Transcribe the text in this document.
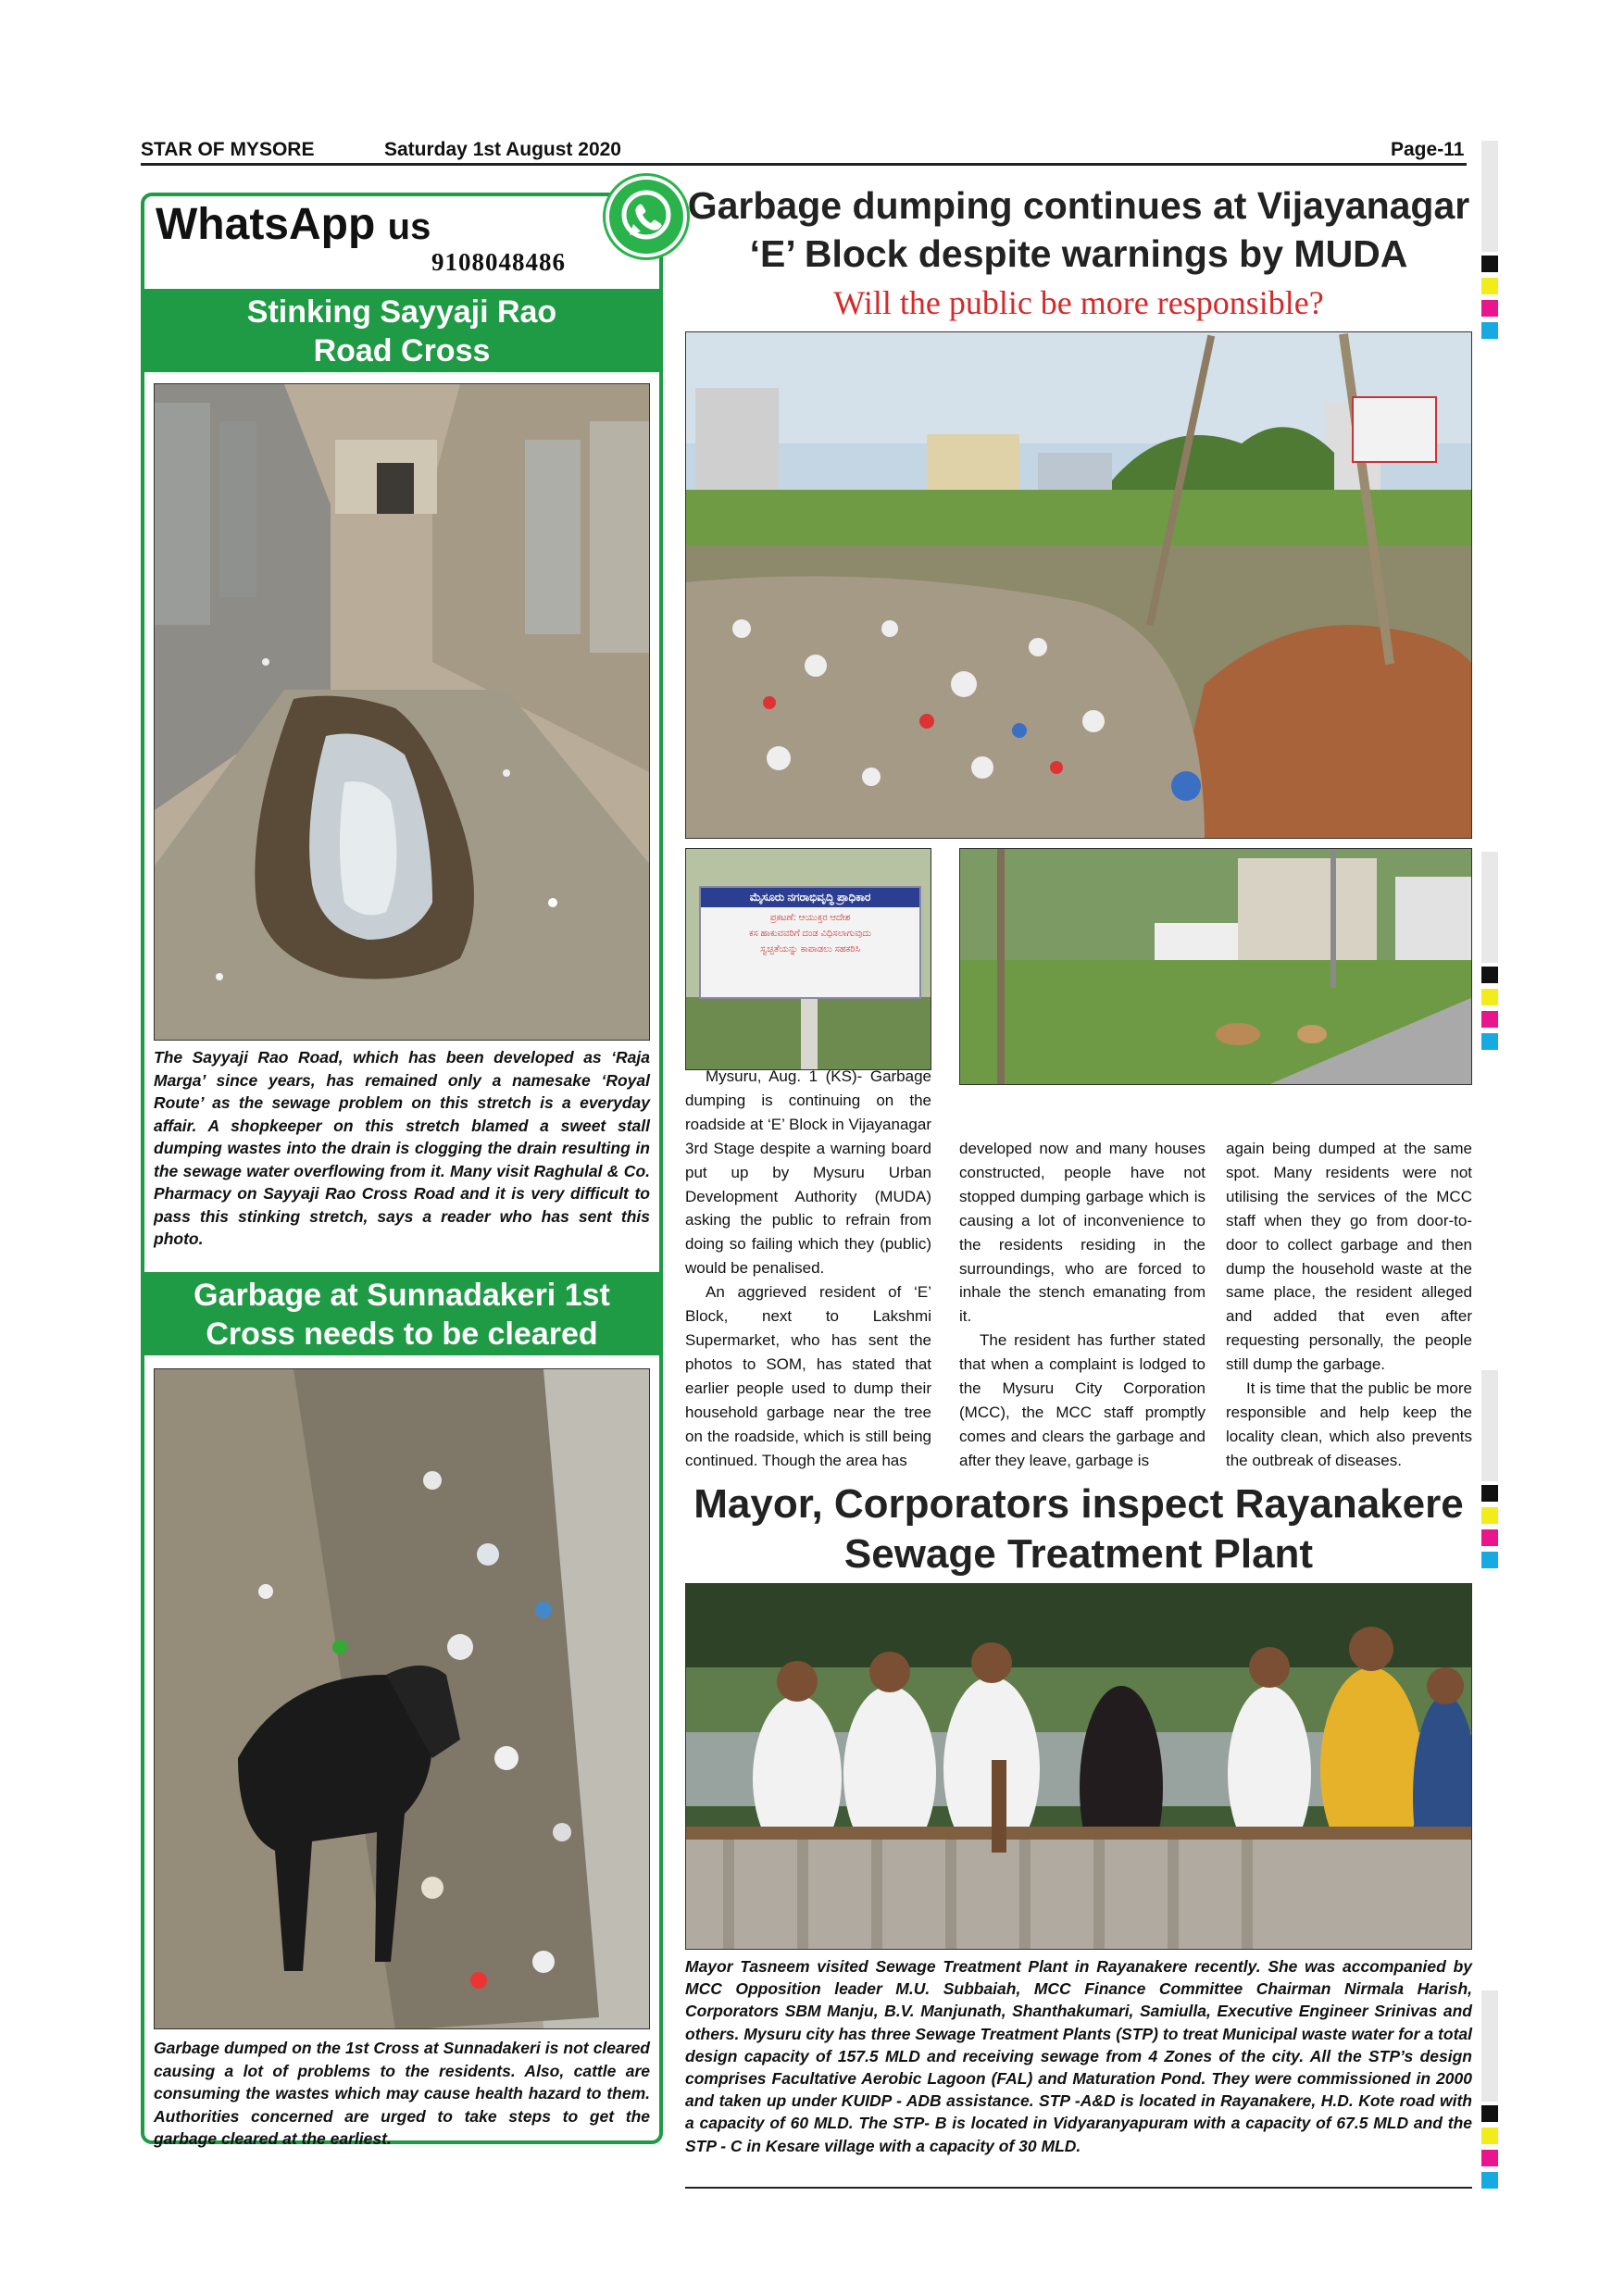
STAR OF MYSORE	Saturday 1st August 2020	Page-11
WhatsApp us
9108048486
Stinking Sayyaji Rao
Road Cross
The Sayyaji Rao Road, which has been developed as ‘Raja Marga’ since years, has remained only a namesake ‘Royal Route’ as the sewage problem on this stretch is a everyday affair. A shopkeeper on this stretch blamed a sweet stall dumping wastes into the drain is clogging the drain resulting in the sewage water overflowing from it. Many visit Raghulal & Co. Pharmacy on Sayyaji Rao Cross Road and it is very difficult to pass this stinking stretch, says a reader who has sent this photo.
Garbage at Sunnadakeri 1st
Cross needs to be cleared
Garbage dumped on the 1st Cross at Sunnadakeri is not cleared causing a lot of problems to the residents. Also, cattle are consuming the wastes which may cause health hazard to them. Authorities concerned are urged to take steps to get the garbage cleared at the earliest.
Garbage dumping continues at Vijayanagar
‘E’ Block despite warnings by MUDA
Will the public be more responsible?
ಮೈಸೂರು ನಗರಾಭಿವೃದ್ಧಿ ಪ್ರಾಧಿಕಾರ
ಪ್ರಕಟಣೆ: ಆಯುಕ್ತರ ಆದೇಶ
ಕಸ ಹಾಕುವವರಿಗೆ ದಂಡ ವಿಧಿಸಲಾಗುವುದು
ಸ್ವಚ್ಛತೆಯನ್ನು ಕಾಪಾಡಲು ಸಹಕರಿಸಿ

Mysuru, Aug. 1 (KS)- Garbage dumping is continuing on the roadside at ‘E’ Block in Vijayanagar 3rd Stage despite a warning board put up by Mysuru Urban Development Authority (MUDA) asking the public to refrain from doing so failing which they (public) would be penalised.

An aggrieved resident of ‘E’ Block, next to Lakshmi Supermarket, who has sent the photos to SOM, has stated that earlier people used to dump their household garbage near the tree on the roadside, which is still being continued. Though the area has

developed now and many houses constructed, people have not stopped dumping garbage which is causing a lot of inconvenience to the residents residing in the surroundings, who are forced to inhale the stench emanating from it.

The resident has further stated that when a complaint is lodged to the Mysuru City Corporation (MCC), the MCC staff promptly comes and clears the garbage and after they leave, garbage is

again being dumped at the same spot. Many residents were not utilising the services of the MCC staff when they go from door-to-door to collect garbage and then dump the household waste at the same place, the resident alleged and added that even after requesting personally, the people still dump the garbage.

It is time that the public be more responsible and help keep the locality clean, which also prevents the outbreak of diseases.

Mayor, Corporators inspect Rayanakere
Sewage Treatment Plant
Mayor Tasneem visited Sewage Treatment Plant in Rayanakere recently. She was accompanied by MCC Opposition leader M.U. Subbaiah, MCC Finance Committee Chairman Nirmala Harish, Corporators SBM Manju, B.V. Manjunath, Shanthakumari, Samiulla, Executive Engineer Srinivas and others. Mysuru city has three Sewage Treatment Plants (STP) to treat Municipal waste water for a total design capacity of 157.5 MLD and receiving sewage from 4 Zones of the city. All the STP’s design comprises Facultative Aerobic Lagoon (FAL) and Maturation Pond. They were commissioned in 2000 and taken up under KUIDP - ADB assistance. STP -A&D is located in Rayanakere, H.D. Kote road with a capacity of 60 MLD. The STP- B is located in Vidyaranyapuram with a capacity of 67.5 MLD and the STP - C in Kesare village with a capacity of 30 MLD.
